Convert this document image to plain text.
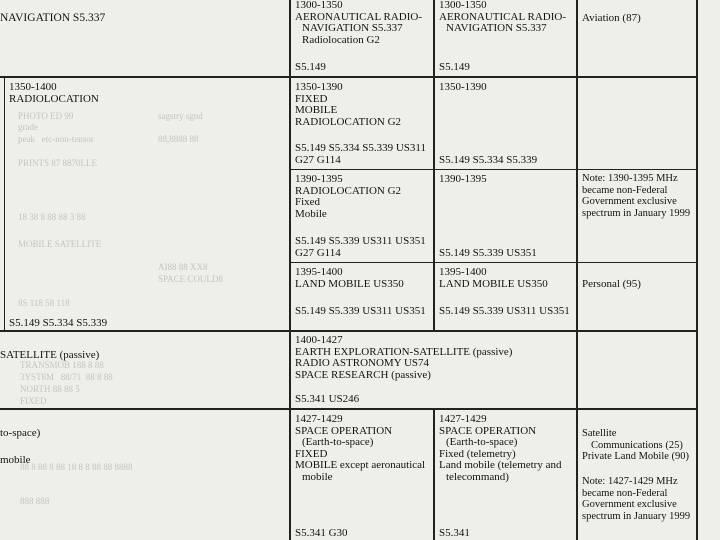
PHOTO ED 99
grade
peak   etc-non-tensor
PRINTS 87 8870LLE
sagstry sgnd
88,8888 88
18 38 8 88 88 3 88
MOBILE SATELLITE
AI88 88 XX8
SPACE COULD8
8S 118 58 118
TRANSMOB 188 8 88
3YST8M   88/71  88 8 88
NORTH 88 88 5
FIXED
88 8 88 8 88 18 8 8 88 88 8888
888 888
NAVIGATION S5.337
1350-1400
RADIOLOCATION
S5.149 S5.334 S5.339
SATELLITE (passive)
to-space)
mobile
1300-1350
AERONAUTICAL RADIO-
NAVIGATION S5.337
Radiolocation G2
S5.149
1350-1390
FIXED
MOBILE
RADIOLOCATION G2
S5.149 S5.334 S5.339 US311
G27 G114
1390-1395
RADIOLOCATION G2
Fixed
Mobile
S5.149 S5.339 US311 US351
G27 G114
1395-1400
LAND MOBILE US350
S5.149 S5.339 US311 US351
1400-1427
EARTH EXPLORATION-SATELLITE (passive)
RADIO ASTRONOMY US74
SPACE RESEARCH (passive)
S5.341 US246
1427-1429
SPACE OPERATION
(Earth-to-space)
FIXED
MOBILE except aeronautical
mobile
S5.341 G30
1300-1350
AERONAUTICAL RADIO-
NAVIGATION S5.337
S5.149
1350-1390
S5.149 S5.334 S5.339
1390-1395
S5.149 S5.339 US351
1395-1400
LAND MOBILE US350
S5.149 S5.339 US311 US351
1427-1429
SPACE OPERATION
(Earth-to-space)
Fixed (telemetry)
Land mobile (telemetry and
telecommand)
S5.341
Aviation (87)
Note: 1390-1395 MHz
became non-Federal
Government exclusive
spectrum in January 1999
Personal (95)
Satellite
Communications (25)
Private Land Mobile (90)
Note: 1427-1429 MHz
became non-Federal
Government exclusive
spectrum in January 1999
